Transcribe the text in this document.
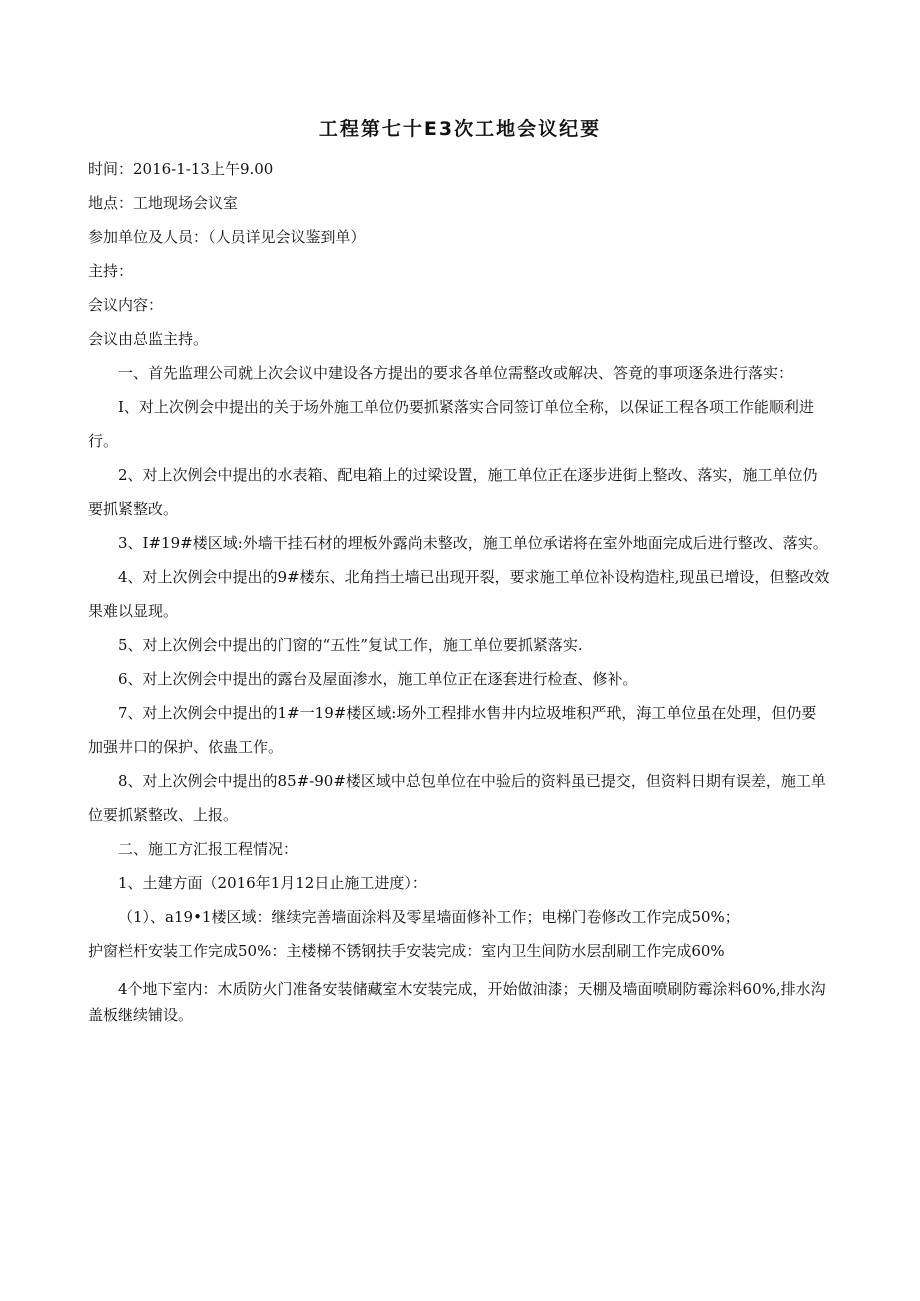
工程第七十E3次工地会议纪要

时间：2016-1-13上午9.00

地点：工地现场会议室

参加单位及人员：（人员详见会议鉴到单）

主持：

会议内容：

会议由总监主持。

一、首先监理公司就上次会议中建设各方提出的要求各单位需整改或解决、答竟的事项逐条进行落实：

I、对上次例会中提出的关于场外施工单位仍要抓紧落实合同签订单位全称，以保证工程各项工作能顺利进行。

2、对上次例会中提出的水表箱、配电箱上的过梁设置，施工单位正在逐步进街上整改、落实，施工单位仍要抓紧整改。

3、I#19#楼区域:外墙干挂石材的埋板外露尚未整改，施工单位承诺将在室外地面完成后进行整改、落实。

4、对上次例会中提出的9#楼东、北角挡土墙已出现开裂，要求施工单位补设构造柱,现虽已增设，但整改效果难以显现。

5、对上次例会中提出的门窗的“五性”复试工作，施工单位要抓紧落实.

6、对上次例会中提出的露台及屋面渗水，施工单位正在逐套进行检查、修补。

7、对上次例会中提出的1#一19#楼区域:场外工程排水售井内垃圾堆积严玳，海工单位虽在处理，但仍要加强井口的保护、依蛊工作。

8、对上次例会中提出的85#-90#楼区域中总包单位在中验后的资料虽已提交，但资料日期有误差，施工单位要抓紧整改、上报。

二、施工方汇报工程情况：

1、土建方面（2016年1月12日止施工进度）：

（1）、a19•1楼区域：继续完善墙面涂料及零星墙面修补工作；电梯门卷修改工作完成50%；

护窗栏杆安装工作完成50%：主楼梯不锈钢扶手安装完成：室内卫生间防水层刮刷工作完成60%

4个地下室内：木质防火门准备安装储藏室木安装完成，开始做油漆；天棚及墙面喷刷防霉涂料60%,排水沟盖板继续铺设。
